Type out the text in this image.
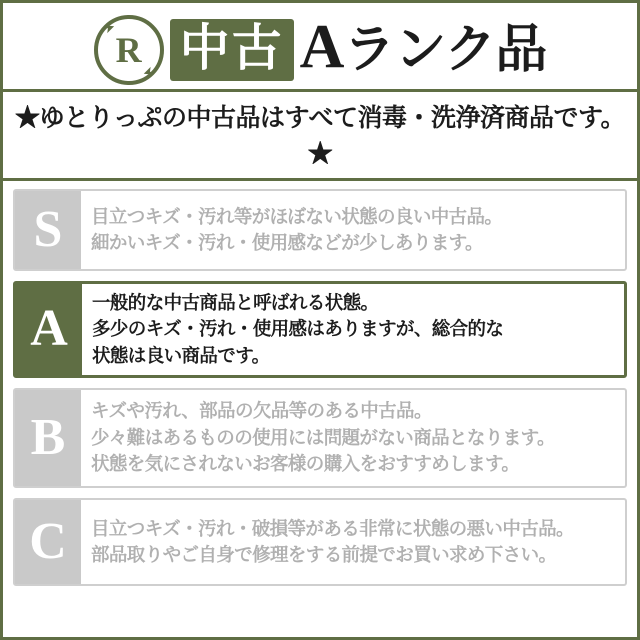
➤
➤
R 中古 Aランク品
★ゆとりっぷの中古品はすべて消毒・洗浄済商品です。★
S	目立つキズ・汚れ等がほぼない状態の良い中古品。
細かいキズ・汚れ・使用感などが少しあります。
A	一般的な中古商品と呼ばれる状態。
多少のキズ・汚れ・使用感はありますが、総合的な
状態は良い商品です。
B	キズや汚れ、部品の欠品等のある中古品。
少々難はあるものの使用には問題がない商品となります。
状態を気にされないお客様の購入をおすすめします。
C	目立つキズ・汚れ・破損等がある非常に状態の悪い中古品。
部品取りやご自身で修理をする前提でお買い求め下さい。
